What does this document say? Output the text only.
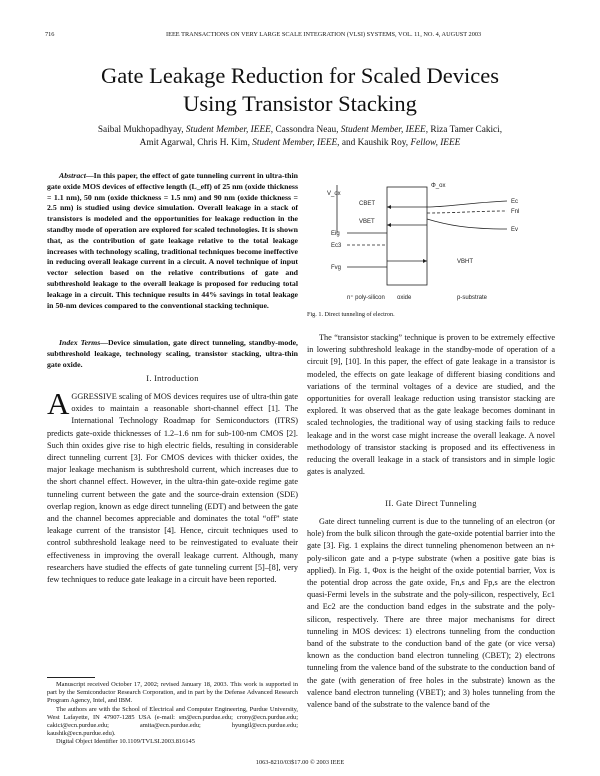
716	IEEE TRANSACTIONS ON VERY LARGE SCALE INTEGRATION (VLSI) SYSTEMS, VOL. 11, NO. 4, AUGUST 2003
Gate Leakage Reduction for Scaled Devices
Using Transistor Stacking
Saibal Mukhopadhyay, Student Member, IEEE, Cassondra Neau, Student Member, IEEE, Riza Tamer Cakici,
Amit Agarwal, Chris H. Kim, Student Member, IEEE, and Kaushik Roy, Fellow, IEEE

Abstract—In this paper, the effect of gate tunneling current in ultra-thin gate oxide MOS devices of effective length (L_eff) of 25 nm (oxide thickness = 1.1 nm), 50 nm (oxide thickness = 1.5 nm) and 90 nm (oxide thickness = 2.5 nm) is studied using device simulation. Overall leakage in a stack of transistors is modeled and the opportunities for leakage reduction in the standby mode of operation are explored for scaled technologies. It is shown that, as the contribution of gate leakage relative to the total leakage increases with technology scaling, traditional techniques become ineffective in reducing overall leakage current in a circuit. A novel technique of input vector selection based on the relative contributions of gate and subthreshold leakage to the overall leakage is proposed for reducing total leakage in a circuit. This technique results in 44% savings in total leakage in 50-nm devices compared to the conventional stacking technique.

Index Terms—Device simulation, gate direct tunneling, standby-mode, subthreshold leakage, technology scaling, transistor stacking, ultra-thin gate oxide.

I. Introduction

AGGRESSIVE scaling of MOS devices requires use of ultra-thin gate oxides to maintain a reasonable short-channel effect [1]. The International Technology Roadmap for Semiconductors (ITRS) predicts gate-oxide thicknesses of 1.2–1.6 nm for sub-100-nm CMOS [2]. Such thin oxides give rise to high electric fields, resulting in considerable direct tunneling current [3]. For CMOS devices with thicker oxides, the major leakage mechanism is subthreshold current, which increases due to the short channel effect. However, in the ultra-thin gate-oxide regime gate tunneling current between the gate and the source-drain extension (SDE) overlap region, known as edge direct tunneling (EDT) and between the gate and the channel becomes appreciable and dominates the total “off” state leakage current of the transistor [4]. Hence, circuit techniques used to control subthreshold leakage need to be reinvestigated to evaluate their effectiveness in improving the overall leakage current. Although, many researchers have studied the effects of gate tunneling current [5]–[8], very few techniques to reduce gate leakage in a circuit have been reported.

Manuscript received October 17, 2002; revised January 18, 2003. This work is supported in part by the Semiconductor Research Corporation, and in part by the Defense Advanced Research Program Agency, Intel, and IBM.

The authors are with the School of Electrical and Computer Engineering, Purdue University, West Lafayette, IN 47907-1285 USA (e-mail: sm@ecn.purdue.edu; crony@ecn.purdue.edu; cakici@ecn.purdue.edu; amita@ecn.purdue.edu; hyungil@ecn.purdue.edu; kaushik@ecn.purdue.edu).

Digital Object Identifier 10.1109/TVLSI.2003.816145

V_ox
Φ_ox
CBET	Ec
VBET
Fnl
Ev
Eig
Ec3
Fvg
VBHT
n⁺ poly-silicon oxide	p-substrate
Fig. 1. Direct tunneling of electron.

The “transistor stacking” technique is proven to be extremely effective in lowering subthreshold leakage in the standby-mode of operation of a circuit [9], [10]. In this paper, the effect of gate leakage in a transistor is modeled, the effects on gate leakage of different biasing conditions and variations of the terminal voltages of a device are studied, and the opportunities for overall leakage reduction using transistor stacking are explored. It was observed that as the gate leakage becomes dominant in scaled technologies, the traditional way of using stacking fails to reduce leakage and in the worst case might increase the overall leakage. A novel methodology of transistor stacking is proposed and its effectiveness in reducing the overall leakage in a stack of transistors and in simple logic gates is analyzed.

II. Gate Direct Tunneling

Gate direct tunneling current is due to the tunneling of an electron (or hole) from the bulk silicon through the gate-oxide potential barrier into the gate [3]. Fig. 1 explains the direct tunneling phenomenon between an n+ poly-silicon gate and a p-type substrate (when a positive gate bias is applied). In Fig. 1, Φox is the height of the oxide potential barrier, Vox is the potential drop across the gate oxide, Fn,s and Fp,s are the electron quasi-Fermi levels in the substrate and the poly-silicon, respectively, Ec1 and Ec2 are the conduction band edges in the substrate and the poly-silicon, respectively. There are three major mechanisms for direct tunneling in MOS devices: 1) electrons tunneling from the conduction band of the substrate to the conduction band of the gate (or vice versa) known as the conduction band electron tunneling (CBET); 2) electrons tunneling from the valence band of the substrate to the conduction band of the gate (with generation of free holes in the substrate) known as the valence band electron tunneling (VBET); and 3) holes tunneling from the valence band of the substrate to the valence band of the

1063-8210/03$17.00 © 2003 IEEE
